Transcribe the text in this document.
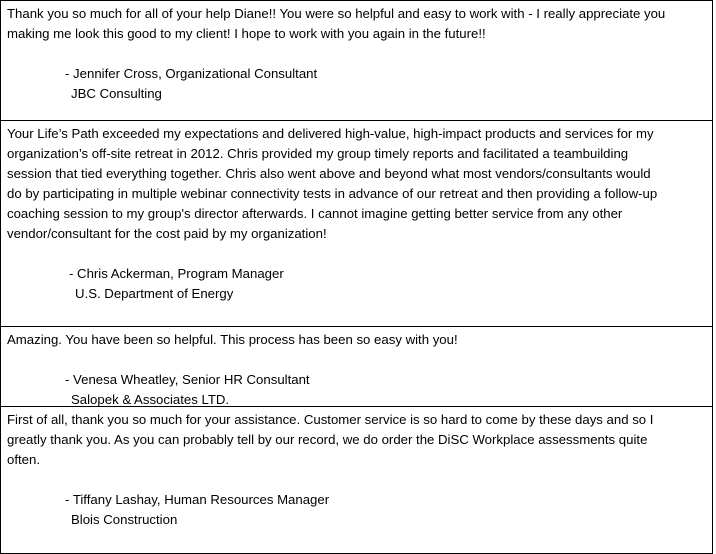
Thank you so much for all of your help Diane!! You were so helpful and easy to work with - I really appreciate you
making me look this good to my client! I hope to work with you again in the future!!
- Jennifer Cross, Organizational Consultant
JBC Consulting
Your Life’s Path exceeded my expectations and delivered high-value, high-impact products and services for my
organization’s off-site retreat in 2012. Chris provided my group timely reports and facilitated a teambuilding
session that tied everything together. Chris also went above and beyond what most vendors/consultants would
do by participating in multiple webinar connectivity tests in advance of our retreat and then providing a follow-up
coaching session to my group's director afterwards. I cannot imagine getting better service from any other
vendor/consultant for the cost paid by my organization!
- Chris Ackerman, Program Manager
U.S. Department of Energy
Amazing. You have been so helpful. This process has been so easy with you!
- Venesa Wheatley, Senior HR Consultant
Salopek & Associates LTD.
First of all, thank you so much for your assistance. Customer service is so hard to come by these days and so I
greatly thank you. As you can probably tell by our record, we do order the DiSC Workplace assessments quite
often.
- Tiffany Lashay, Human Resources Manager
Blois Construction
